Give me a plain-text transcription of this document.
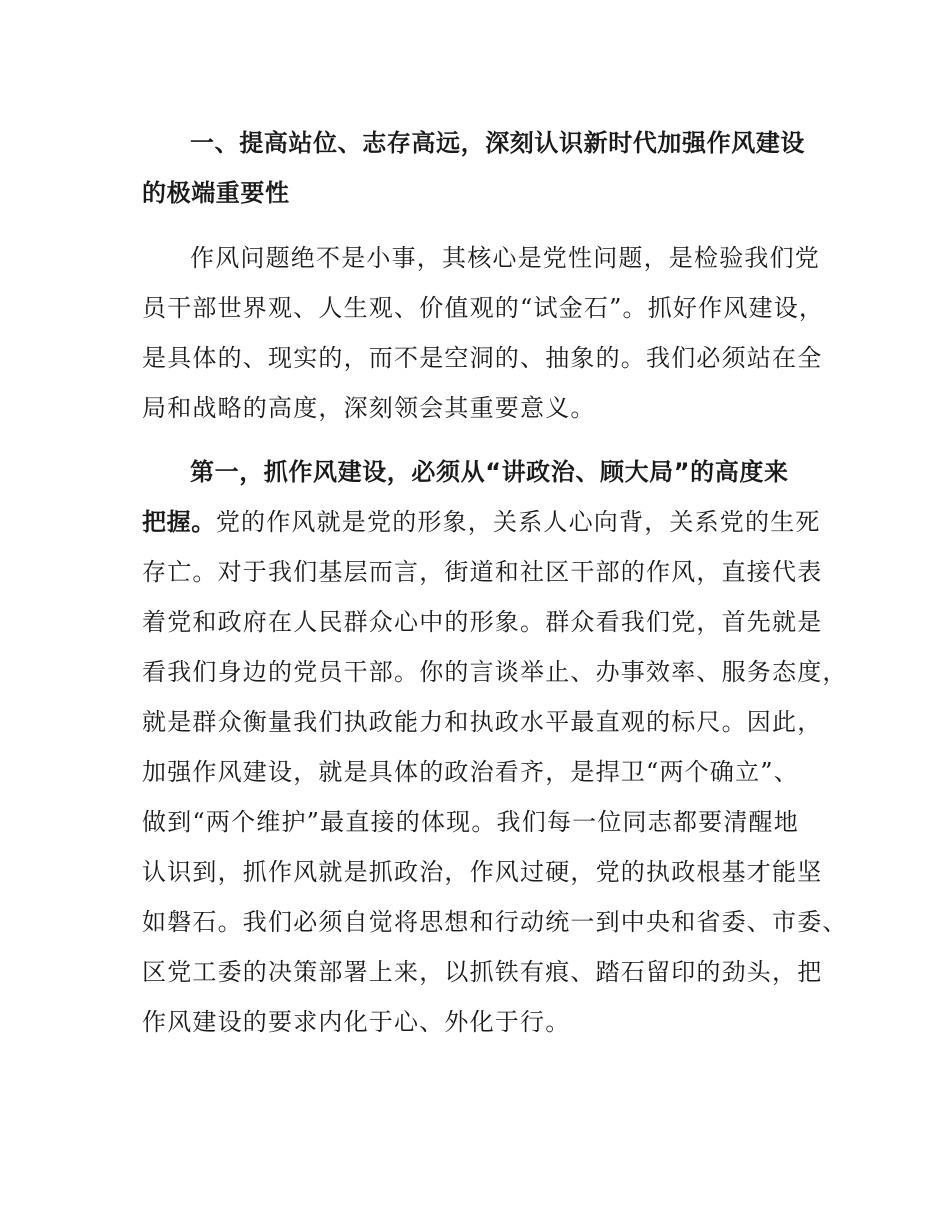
一、提高站位、志存高远，深刻认识新时代加强作风建设
的极端重要性
作风问题绝不是小事，其核心是党性问题，是检验我们党
员干部世界观、人生观、价值观的“试金石”。抓好作风建设，
是具体的、现实的，而不是空洞的、抽象的。我们必须站在全
局和战略的高度，深刻领会其重要意义。
第一，抓作风建设，必须从“讲政治、顾大局”的高度来
把握。党的作风就是党的形象，关系人心向背，关系党的生死
存亡。对于我们基层而言，街道和社区干部的作风，直接代表
着党和政府在人民群众心中的形象。群众看我们党，首先就是
看我们身边的党员干部。你的言谈举止、办事效率、服务态度，
就是群众衡量我们执政能力和执政水平最直观的标尺。因此，
加强作风建设，就是具体的政治看齐，是捍卫“两个确立”、
做到“两个维护”最直接的体现。我们每一位同志都要清醒地
认识到，抓作风就是抓政治，作风过硬，党的执政根基才能坚
如磐石。我们必须自觉将思想和行动统一到中央和省委、市委、
区党工委的决策部署上来，以抓铁有痕、踏石留印的劲头，把
作风建设的要求内化于心、外化于行。
